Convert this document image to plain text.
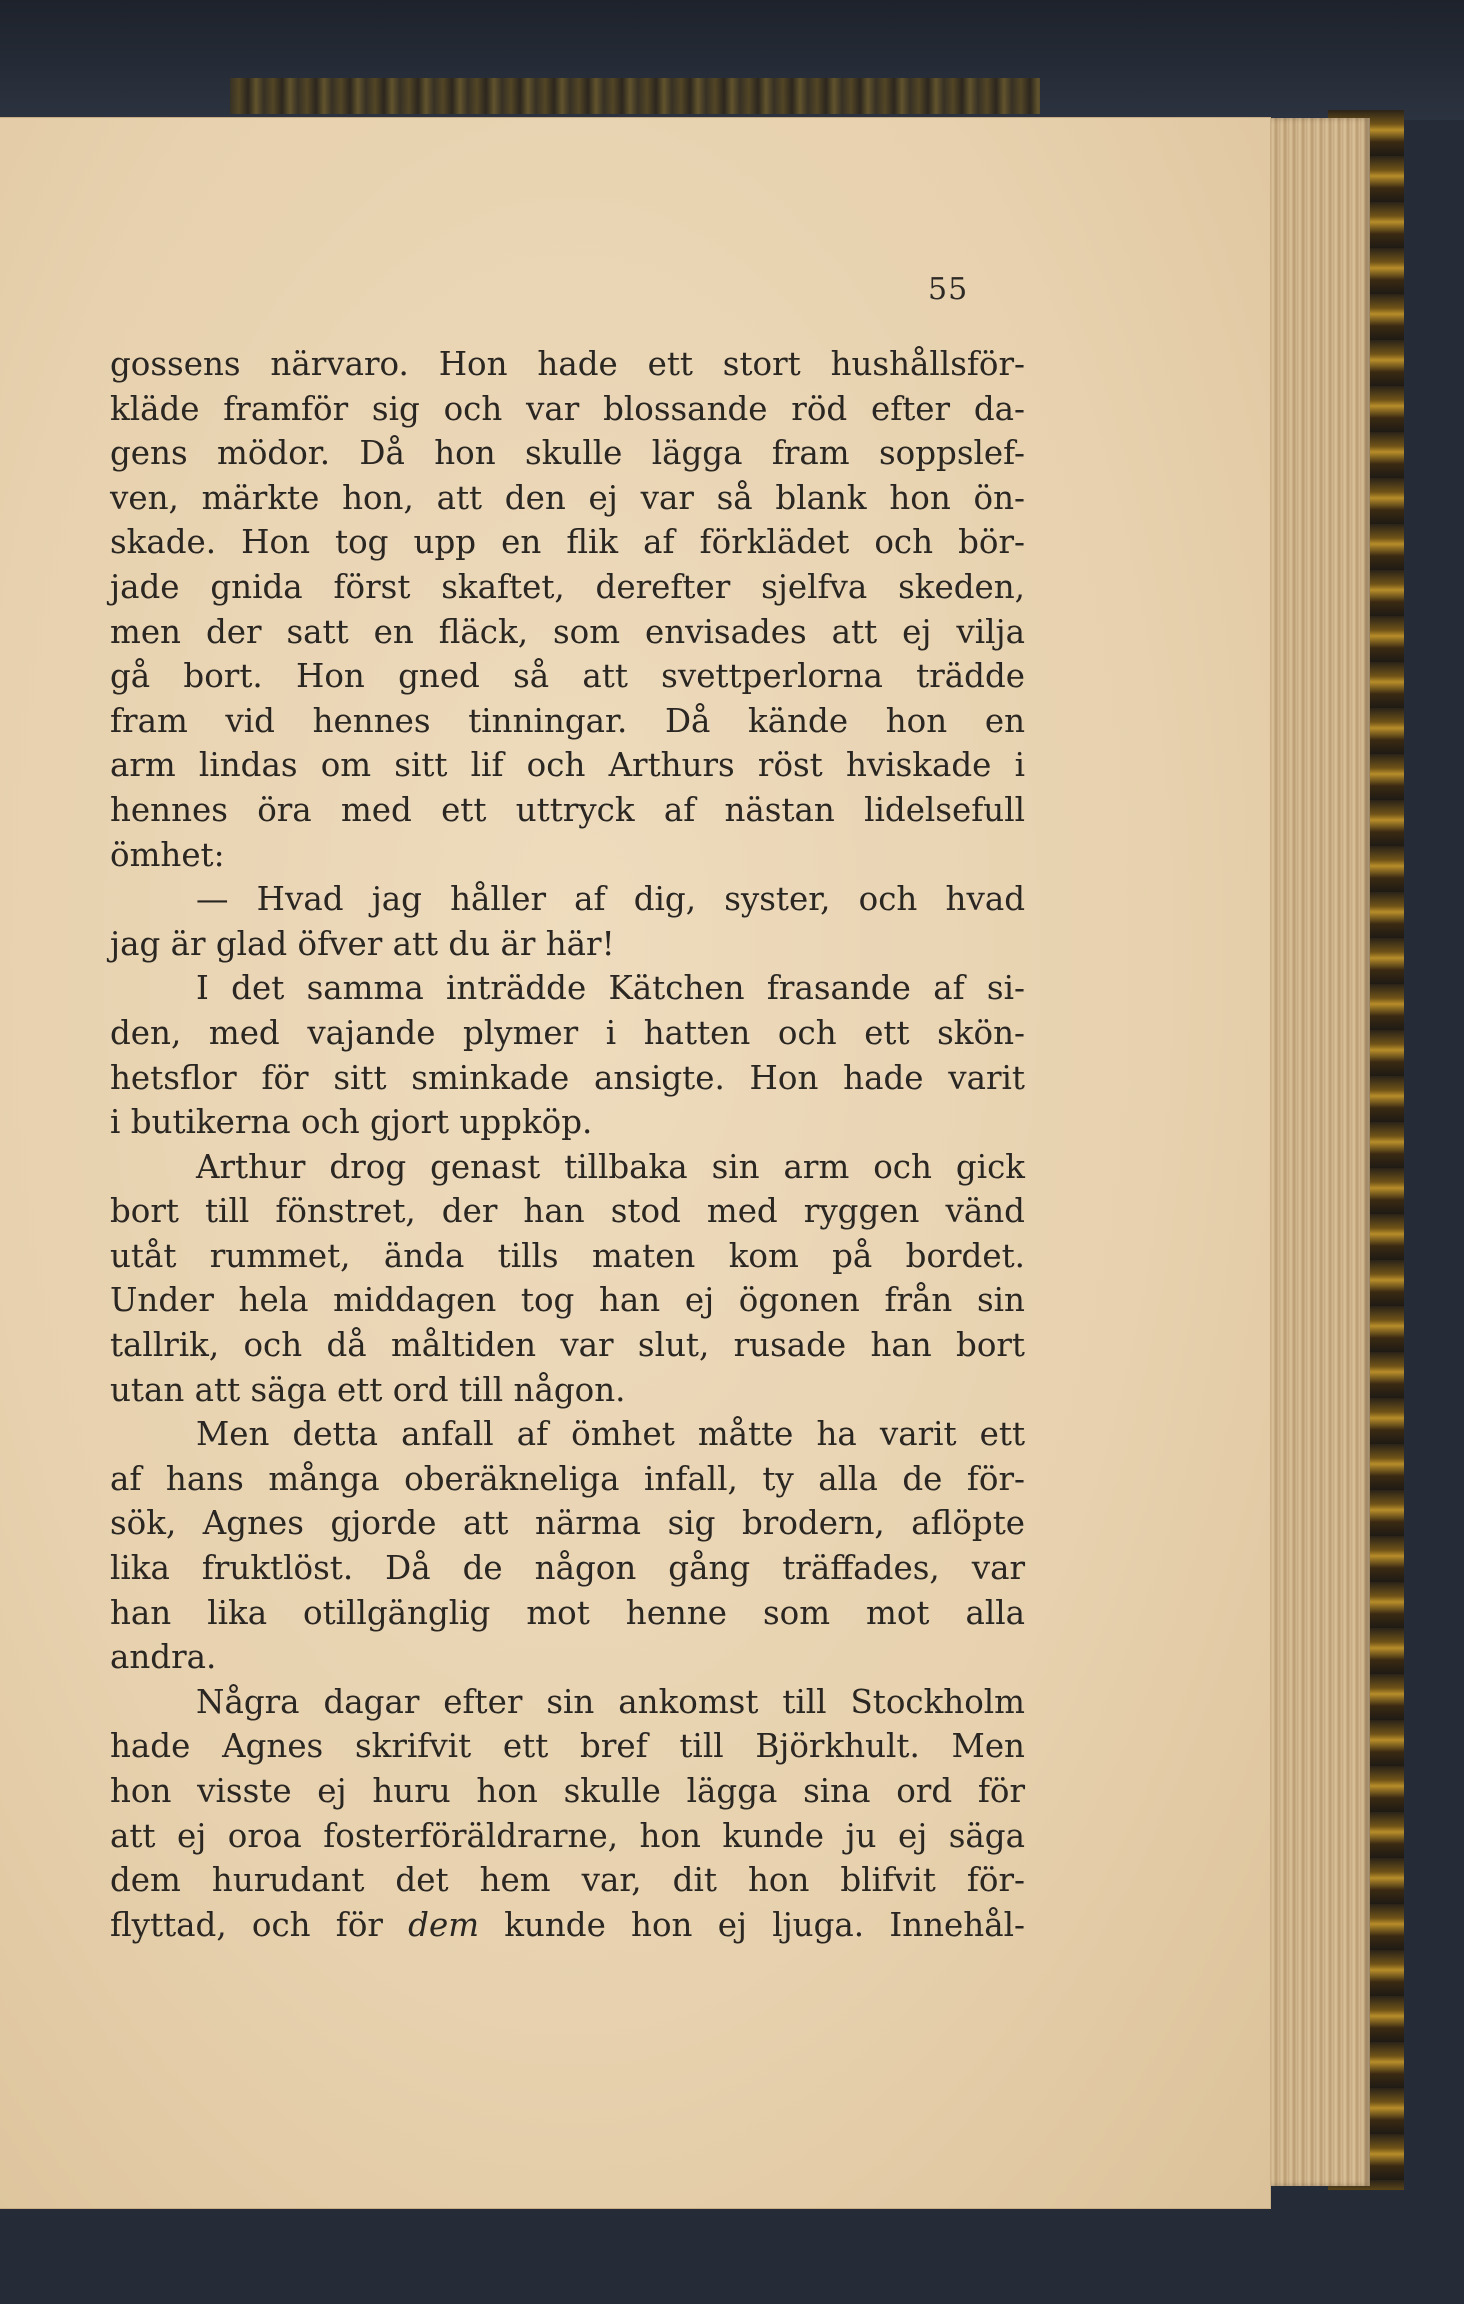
55
gossens närvaro. Hon hade ett stort hushållsför-
kläde framför sig och var blossande röd efter da-
gens mödor. Då hon skulle lägga fram soppslef-
ven, märkte hon, att den ej var så blank hon ön-
skade. Hon tog upp en flik af förklädet och bör-
jade gnida först skaftet, derefter sjelfva skeden,
men der satt en fläck, som envisades att ej vilja
gå bort. Hon gned så att svettperlorna trädde
fram vid hennes tinningar. Då kände hon en
arm lindas om sitt lif och Arthurs röst hviskade i
hennes öra med ett uttryck af nästan lidelsefull
ömhet:
— Hvad jag håller af dig, syster, och hvad
jag är glad öfver att du är här!
I det samma inträdde Kätchen frasande af si-
den, med vajande plymer i hatten och ett skön-
hetsflor för sitt sminkade ansigte. Hon hade varit
i butikerna och gjort uppköp.
Arthur drog genast tillbaka sin arm och gick
bort till fönstret, der han stod med ryggen vänd
utåt rummet, ända tills maten kom på bordet.
Under hela middagen tog han ej ögonen från sin
tallrik, och då måltiden var slut, rusade han bort
utan att säga ett ord till någon.
Men detta anfall af ömhet måtte ha varit ett
af hans många oberäkneliga infall, ty alla de för-
sök, Agnes gjorde att närma sig brodern, aflöpte
lika fruktlöst. Då de någon gång träffades, var
han lika otillgänglig mot henne som mot alla
andra.
Några dagar efter sin ankomst till Stockholm
hade Agnes skrifvit ett bref till Björkhult. Men
hon visste ej huru hon skulle lägga sina ord för
att ej oroa fosterföräldrarne, hon kunde ju ej säga
dem hurudant det hem var, dit hon blifvit för-
flyttad, och för dem kunde hon ej ljuga. Innehål-
